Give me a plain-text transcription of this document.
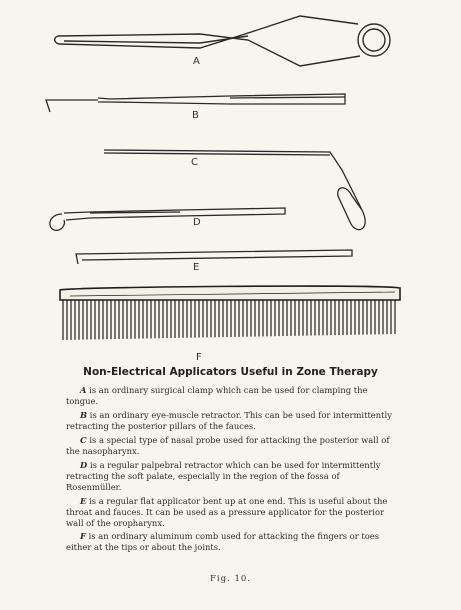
A
B
C
D
E
F
Non-Electrical Applicators Useful in Zone Therapy

A is an ordinary surgical clamp which can be used for clamping the tongue.

B is an ordinary eye-muscle retractor. This can be used for intermittently retracting the posterior pillars of the fauces.

C is a special type of nasal probe used for attacking the posterior wall of the nasopharynx.

D is a regular palpebral retractor which can be used for intermittently retracting the soft palate, especially in the region of the fossa of Rosenmüller.

E is a regular flat applicator bent up at one end. This is useful about the throat and fauces. It can be used as a pressure applicator for the posterior wall of the oropharynx.

F is an ordinary aluminum comb used for attacking the fingers or toes either at the tips or about the joints.

Fig. 10.
